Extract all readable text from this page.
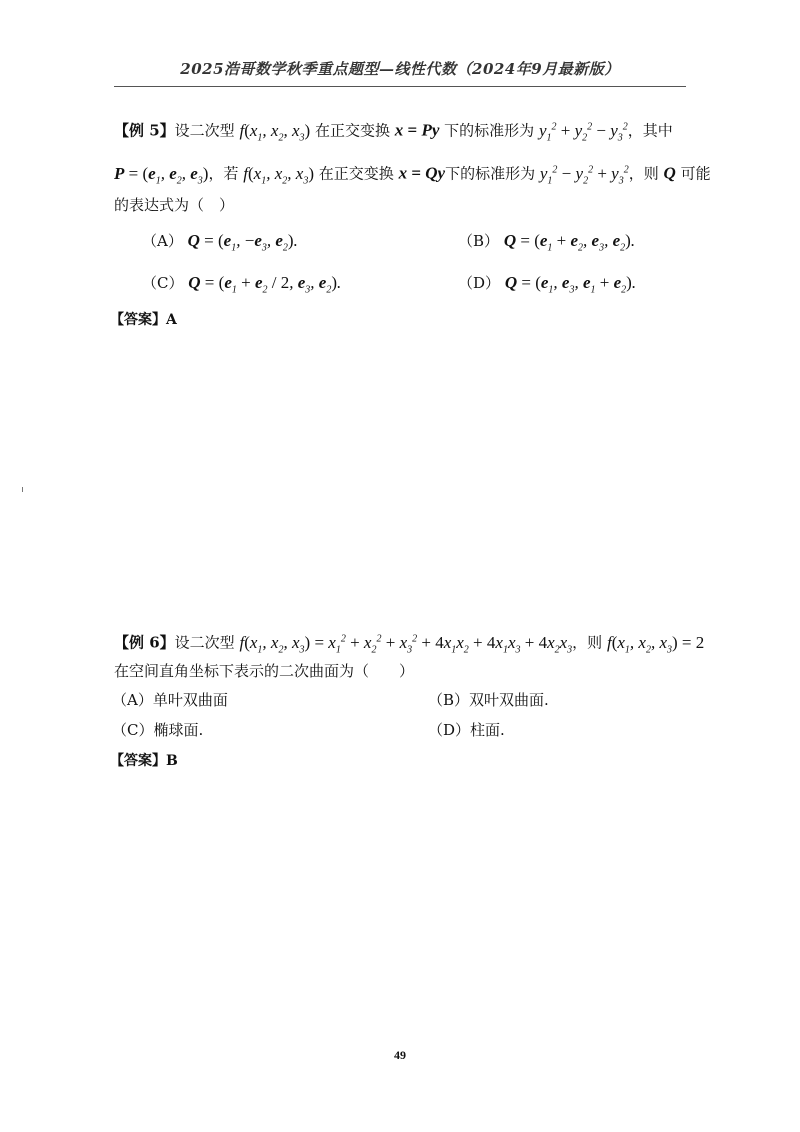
2025浩哥数学秋季重点题型—线性代数（2024年9月最新版）
【例 5】设二次型 $f(x_1$, $x_2$, $x_3$) 在正交变换 x = Py 下的标准形为 $y_1^2 + y_2^2 - y_3^2$，其中
$P = (e_1$, $e_2$, $e_3$)，若 $f(x_1$, $x_2$, $x_3$) 在正交变换 x = Qy下的标准形为 $y_1^2 - y_2^2 + y_3^2$，则 Q 可能
的表达式为（　）
（A） $Q = (e_1$, $-e_3$, $e_2$).	（B） $Q = (e_1 + e_2$, $e_3$, $e_2$).
（C） $Q = (e_1 + e_2 / 2$, $e_3$, $e_2$).	（D） $Q = (e_1$, $e_3$, $e_1 + e_2$).
【答案】A
【例 6】设二次型 $f(x_1$, $x_2$, $x_3) = x_1^2 + x_2^2 + x_3^2 + 4x_1x_2 + 4x_1x_3 + 4x_2x_3$，则 $f(x_1$, $x_2$, $x_3) = 2$
在空间直角坐标下表示的二次曲面为（　　）
（A）单叶双曲面	（B）双叶双曲面.
（C）椭球面.	（D）柱面.
【答案】B
49
